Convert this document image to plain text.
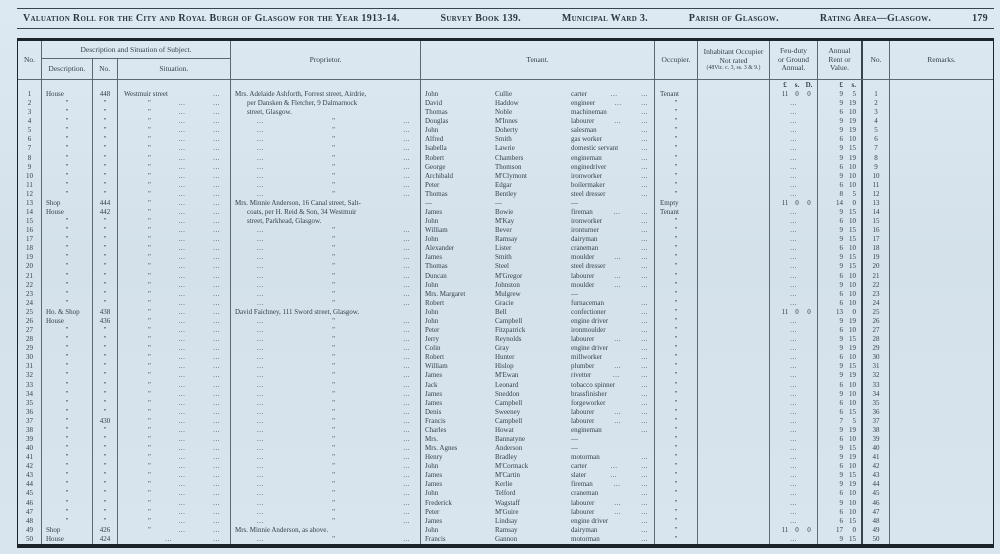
Valuation Roll for the City and Royal Burgh of Glasgow for the Year 1913-14.	Survey Book 139.	Municipal Ward 3.	Parish of Glasgow.	Rating Area—Glasgow.	179
No.
Description and Situation of Subject.
Description.	No.	Situation.
Proprietor.	Tenant.	Occupier.
Inhabitant Occupier
Not rated
(48Vic. c. 3, ss. 3 & 9.)
Feu-duty
or Ground
Annual.
Annual
Rent or
Value.
No.	Remarks.
£ s. D.	£ s.
1	House	448	Westmuir street	...	Mrs. Adelaide Ashforth, Forrest street, Airdrie,	John	Cullie	carter	...	...	Tenant	11 0 0	9 5	1
2	"	"	"	...	...	per Dansken & Fletcher, 9 Dalmarnock	David	Haddow	engineer	...	...	"	...	9 19	2
3	"	"	"	...	...	street, Glasgow.	Thomas	Noble	machineman	...	"	...	6 10	3
4	"	"	"	...	...	...	"	...	Douglas	M'Innes	labourer	...	...	"	...	9 19	4
5	"	"	"	...	...	...	"	...	John	Doherty	salesman	...	"	...	9 19	5
6	"	"	"	...	...	...	"	...	Alfred	Smith	gas worker	...	"	...	6 10	6
7	"	"	"	...	...	...	"	...	Isabella	Lawrie	domestic servant	...	"	...	9 15	7
8	"	"	"	...	...	...	"	...	Robert	Chambers	engineman	...	"	...	9 19	8
9	"	"	"	...	...	...	"	...	George	Thomson	enginedriver	...	"	...	6 10	9
10	"	"	"	...	...	...	"	...	Archibald	M'Clymont	ironworker	...	"	...	9 10	10
11	"	"	"	...	...	...	"	...	Peter	Edgar	boilermaker	...	"	...	6 10	11
12	"	"	"	...	...	...	"	...	Thomas	Bentley	steel dresser	...	"	...	8 5	12
13	Shop	444	"	...	...	Mrs. Minnie Anderson, 16 Canal street, Salt-	—	—	—	Empty	11 0 0	14 0	13
14	House	442	"	...	...	coats, per H. Reid & Son, 34 Westmuir	James	Bowie	fireman	...	...	Tenant	...	9 15	14
15	"	"	"	...	...	street, Parkhead, Glasgow.	John	M'Kay	ironworker	...	"	...	6 10	15
16	"	"	"	...	...	...	"	...	William	Bever	ironturner	...	"	...	9 15	16
17	"	"	"	...	...	...	"	...	John	Ramsay	dairyman	...	"	...	9 15	17
18	"	"	"	...	...	...	"	...	Alexander	Lister	craneman	...	"	...	6 10	18
19	"	"	"	...	...	...	"	...	James	Smith	moulder	...	...	"	...	9 15	19
20	"	"	"	...	...	...	"	...	Thomas	Steel	steel dresser	...	"	...	9 15	20
21	"	"	"	...	...	...	"	...	Duncan	M'Gregor	labourer	...	...	"	...	6 10	21
22	"	"	"	...	...	...	"	...	John	Johnston	moulder	...	...	"	...	9 10	22
23	"	"	"	...	...	...	"	...	Mrs. Margaret	Mulgrew	—	"	...	6 10	23
24	"	"	"	...	...	...	"	...	Robert	Gracie	furnaceman	...	"	...	6 10	24
25	Ho. & Shop	438	"	...	...	David Faichney, 111 Sword street, Glasgow.	John	Bell	confectioner	...	"	11 0 0	13 0	25
26	House	436	"	...	...	...	"	...	John	Campbell	engine driver	...	"	...	9 19	26
27	"	"	"	...	...	...	"	...	Peter	Fitzpatrick	ironmoulder	...	"	...	6 10	27
28	"	"	"	...	...	...	"	...	Jerry	Reynolds	labourer	...	...	"	...	9 15	28
29	"	"	"	...	...	...	"	...	Colin	Gray	engine driver	...	"	...	9 19	29
30	"	"	"	...	...	...	"	...	Robert	Hunter	millworker	...	"	...	6 10	30
31	"	"	"	...	...	...	"	...	William	Hislop	plumber	...	...	"	...	9 15	31
32	"	"	"	...	...	...	"	...	James	M'Ewan	rivetter	...	...	"	...	9 19	32
33	"	"	"	...	...	...	"	...	Jack	Leonard	tobacco spinner	...	"	...	6 10	33
34	"	"	"	...	...	...	"	...	James	Sneddon	brassfinisher	...	"	...	9 10	34
35	"	"	"	...	...	...	"	...	James	Campbell	forgeworker	...	"	...	6 10	35
36	"	"	"	...	...	...	"	...	Denis	Sweeney	labourer	...	...	"	...	6 15	36
37	"	430	"	...	...	...	"	...	Francis	Campbell	labourer	...	...	"	...	7 5	37
38	"	"	"	...	...	...	"	...	Charles	Howat	engineman	...	"	...	9 19	38
39	"	"	"	...	...	...	"	...	Mrs.	Bannatyne	—	"	...	6 10	39
40	"	"	"	...	...	...	"	...	Mrs. Agnes	Anderson	—	"	...	9 15	40
41	"	"	"	...	...	...	"	...	Henry	Bradley	motorman	...	"	...	9 19	41
42	"	"	"	...	...	...	"	...	John	M'Cormack	carter	...	...	"	...	6 10	42
43	"	"	"	...	...	...	"	...	James	M'Cartin	slater	...	...	"	...	9 15	43
44	"	"	"	...	...	...	"	...	James	Kerlie	fireman	...	...	"	...	9 19	44
45	"	"	"	...	...	...	"	...	John	Telford	craneman	...	"	...	6 10	45
46	"	"	"	...	...	...	"	...	Frederick	Wagstaff	labourer	...	...	"	...	9 10	46
47	"	"	"	...	...	...	"	...	Peter	M'Guire	labourer	...	...	"	...	6 10	47
48	"	"	"	...	...	...	"	...	James	Lindsay	engine driver	...	"	...	6 15	48
49	Shop	426	"	...	...	Mrs. Minnie Anderson, as above.	John	Ramsay	dairyman	...	"	11 0 0	17 0	49
50	House	424	...	...	...	"	...	Francis	Gannon	motorman	...	"	...	9 15	50
